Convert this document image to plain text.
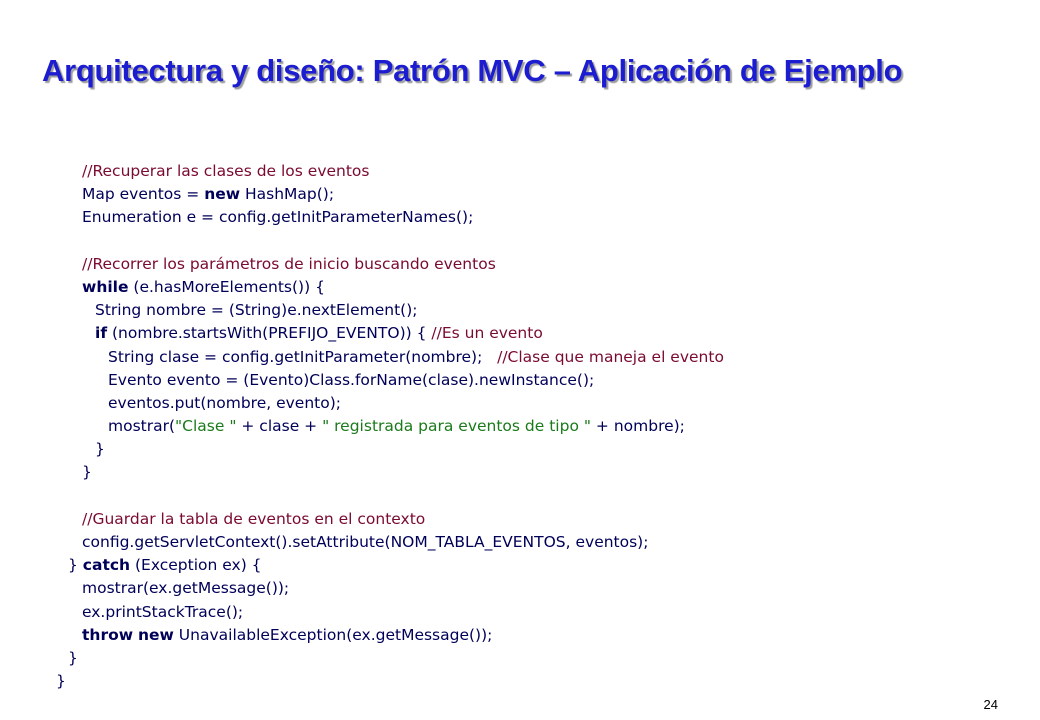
Arquitectura y diseño: Patrón MVC – Aplicación de Ejemplo
//Recuperar las clases de los eventos
Map eventos = new HashMap();
Enumeration e = config.getInitParameterNames();
//Recorrer los parámetros de inicio buscando eventos
while (e.hasMoreElements()) {
String nombre = (String)e.nextElement();
if (nombre.startsWith(PREFIJO_EVENTO)) { //Es un evento
String clase = config.getInitParameter(nombre);   //Clase que maneja el evento
Evento evento = (Evento)Class.forName(clase).newInstance();
eventos.put(nombre, evento);
mostrar("Clase " + clase + " registrada para eventos de tipo " + nombre);
}
}
//Guardar la tabla de eventos en el contexto
config.getServletContext().setAttribute(NOM_TABLA_EVENTOS, eventos);
} catch (Exception ex) {
mostrar(ex.getMessage());
ex.printStackTrace();
throw new UnavailableException(ex.getMessage());
}
}
24
